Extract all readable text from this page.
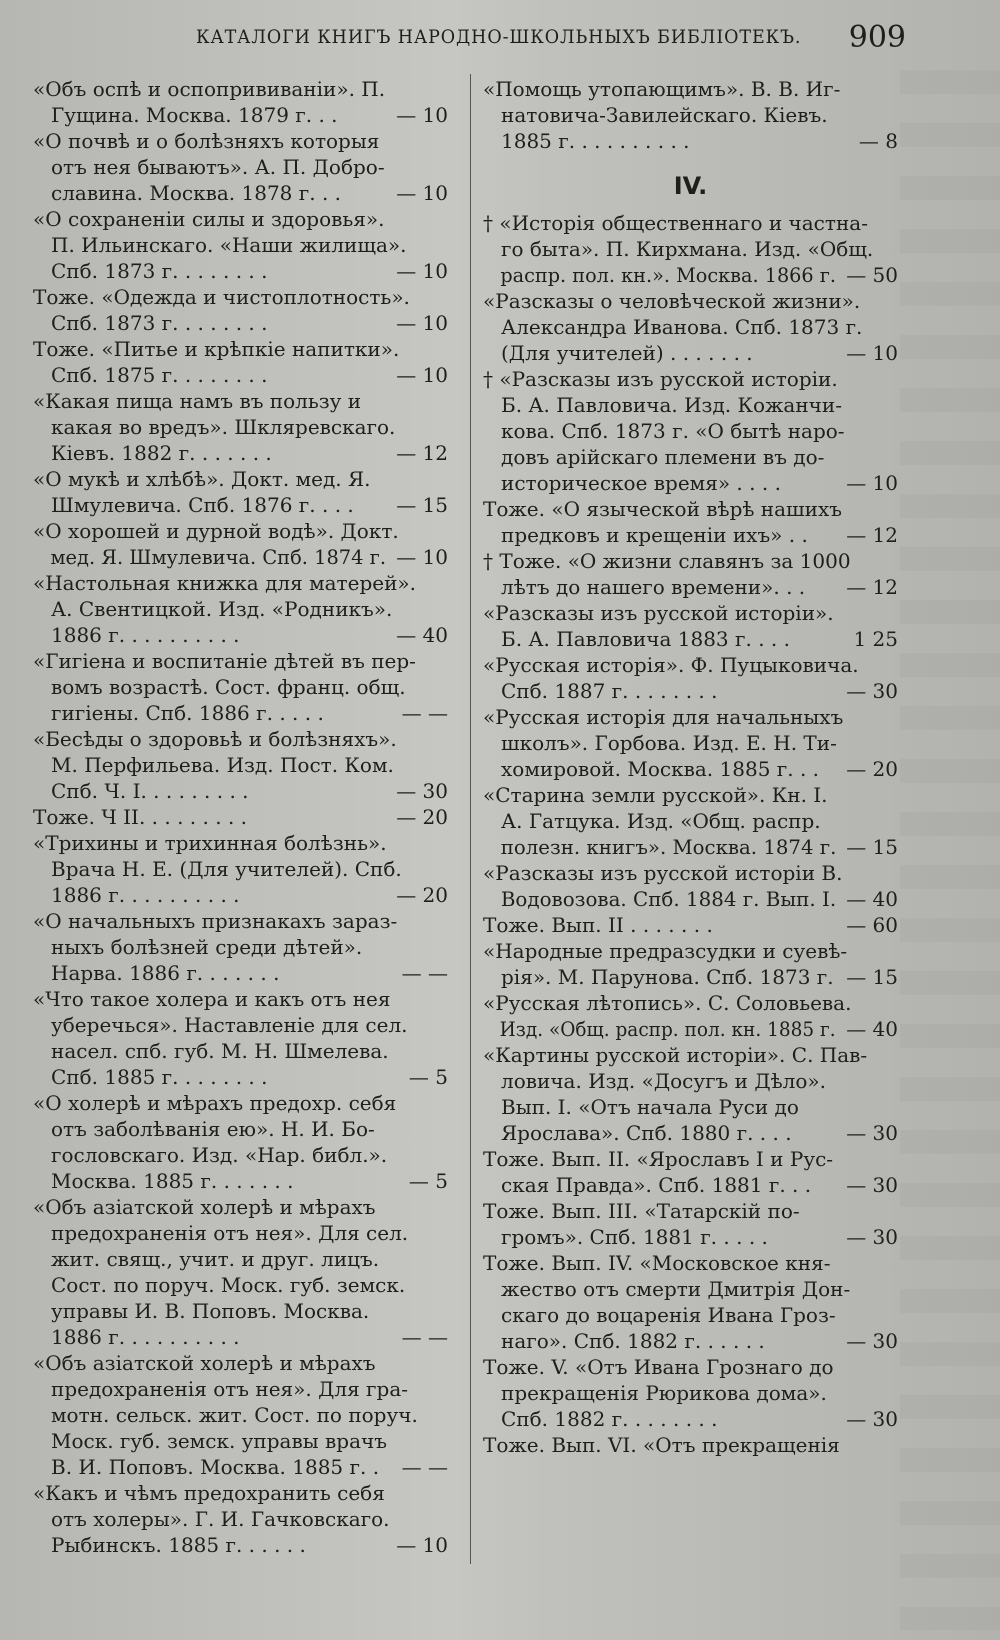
КАТАЛОГИ КНИГЪ НАРОДНО-ШКОЛЬНЫХЪ БИБЛІОТЕКЪ. 909
«Объ оспѣ и оспопрививаніи». П.
Гущина. Москва. 1879 г. . .	— 10
«О почвѣ и о болѣзняхъ которыя
отъ нея бываютъ». А. П. Добро-
славина. Москва. 1878 г. . .	— 10
«О сохраненіи силы и здоровья».
П. Ильинскаго. «Наши жилища».
Спб. 1873 г. . . . . . . .	— 10
Тоже. «Одежда и чистоплотность».
Спб. 1873 г. . . . . . . .	— 10
Тоже. «Питье и крѣпкіе напитки».
Спб. 1875 г. . . . . . . .	— 10
«Какая пища намъ въ пользу и
какая во вредъ». Шкляревскаго.
Кіевъ. 1882 г. . . . . . .	— 12
«О мукѣ и хлѣбѣ». Докт. мед. Я.
Шмулевича. Спб. 1876 г. . . .	— 15
«О хорошей и дурной водѣ». Докт.
мед. Я. Шмулевича. Спб. 1874 г. — 10
«Настольная книжка для матерей».
А. Свентицкой. Изд. «Родникъ».
1886 г. . . . . . . . . .	— 40
«Гигіена и воспитаніе дѣтей въ пер-
вомъ возрастѣ. Сост. франц. общ.
гигіены. Спб. 1886 г. . . . .	— —
«Бесѣды о здоровьѣ и болѣзняхъ».
М. Перфильева. Изд. Пост. Ком.
Спб. Ч. I. . . . . . . . .	— 30
Тоже. Ч II. . . . . . . . .	— 20
«Трихины и трихинная болѣзнь».
Врача Н. Е. (Для учителей). Спб.
1886 г. . . . . . . . . .	— 20
«О начальныхъ признакахъ зараз-
ныхъ болѣзней среди дѣтей».
Нарва. 1886 г. . . . . . .	— —
«Что такое холера и какъ отъ нея
уберечься». Наставленіе для сел.
насел. спб. губ. М. Н. Шмелева.
Спб. 1885 г. . . . . . . .	— 5
«О холерѣ и мѣрахъ предохр. себя
отъ заболѣванія ею». Н. И. Бо-
гословскаго. Изд. «Нар. библ.».
Москва. 1885 г. . . . . . .	— 5
«Объ азіатской холерѣ и мѣрахъ
предохраненія отъ нея». Для сел.
жит. свящ., учит. и друг. лицъ.
Сост. по поруч. Моск. губ. земск.
управы И. В. Поповъ. Москва.
1886 г. . . . . . . . . .	— —
«Объ азіатской холерѣ и мѣрахъ
предохраненія отъ нея». Для гра-
мотн. сельск. жит. Сост. по поруч.
Моск. губ. земск. управы врачъ
В. И. Поповъ. Москва. 1885 г. .	— —
«Какъ и чѣмъ предохранить себя
отъ холеры». Г. И. Гачковскаго.
Рыбинскъ. 1885 г. . . . . .	— 10
«Помощь утопающимъ». В. В. Иг-
натовича-Завилейскаго. Кіевъ.
1885 г. . . . . . . . . .	— 8
IV.
† «Исторія общественнаго и частна-
го быта». П. Кирхмана. Изд. «Общ.
распр. пол. кн.». Москва. 1866 г. — 50
«Разсказы о человѣческой жизни».
Александра Иванова. Спб. 1873 г.
(Для учителей) . . . . . . .	— 10
† «Разсказы изъ русской исторіи.
Б. А. Павловича. Изд. Кожанчи-
кова. Спб. 1873 г. «О бытѣ наро-
довъ арійскаго племени въ до-
историческое время» . . . .	— 10
Тоже. «О языческой вѣрѣ нашихъ
предковъ и крещеніи ихъ» . .	— 12
† Тоже. «О жизни славянъ за 1000
лѣтъ до нашего времени». . .	— 12
«Разсказы изъ русской исторіи».
Б. А. Павловича 1883 г. . . .	1 25
«Русская исторія». Ф. Пуцыковича.
Спб. 1887 г. . . . . . . .	— 30
«Русская исторія для начальныхъ
школъ». Горбова. Изд. Е. Н. Ти-
хомировой. Москва. 1885 г. . .	— 20
«Старина земли русской». Кн. I.
А. Гатцука. Изд. «Общ. распр.
полезн. книгъ». Москва. 1874 г. — 15
«Разсказы изъ русской исторіи В.
Водовозова. Спб. 1884 г. Вып. I. — 40
Тоже. Вып. II . . . . . . .	— 60
«Народные предразсудки и суевѣ-
рія». М. Парунова. Спб. 1873 г. — 15
«Русская лѣтопись». С. Соловьева.
Изд. «Общ. распр. пол. кн. 1885 г. — 40
«Картины русской исторіи». С. Пав-
ловича. Изд. «Досугъ и Дѣло».
Вып. I. «Отъ начала Руси до
Ярослава». Спб. 1880 г. . . .	— 30
Тоже. Вып. II. «Ярославъ I и Рус-
ская Правда». Спб. 1881 г. . .	— 30
Тоже. Вып. III. «Татарскій по-
громъ». Спб. 1881 г. . . . .	— 30
Тоже. Вып. IV. «Московское кня-
жество отъ смерти Дмитрія Дон-
скаго до воцаренія Ивана Гроз-
наго». Спб. 1882 г. . . . . .	— 30
Тоже. V. «Отъ Ивана Грознаго до
прекращенія Рюрикова дома».
Спб. 1882 г. . . . . . . .	— 30
Тоже. Вып. VI. «Отъ прекращенія
